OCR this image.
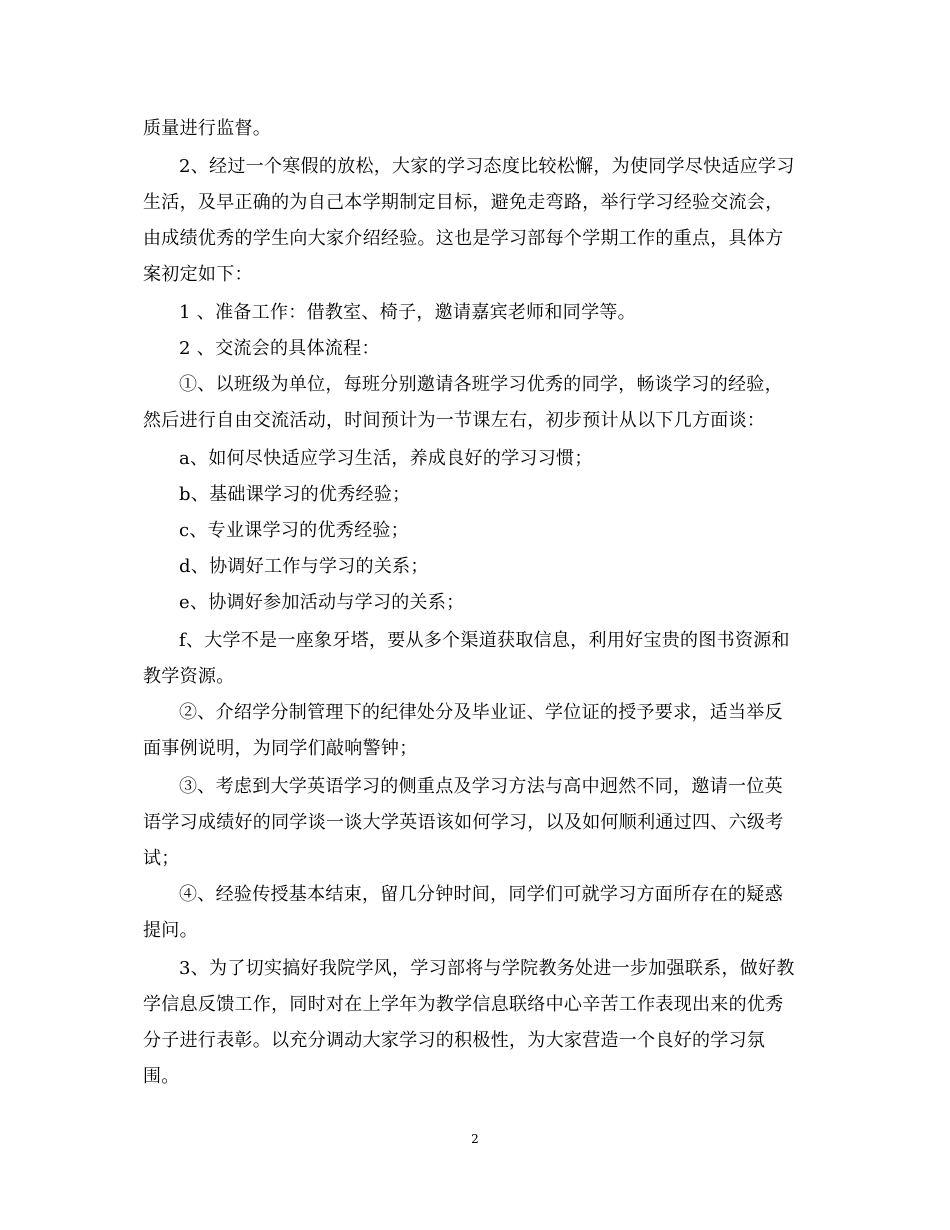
质量进行监督。
2、经过一个寒假的放松，大家的学习态度比较松懈，为使同学尽快适应学习
生活，及早正确的为自己本学期制定目标，避免走弯路，举行学习经验交流会，
由成绩优秀的学生向大家介绍经验。这也是学习部每个学期工作的重点，具体方
案初定如下：
1 、准备工作：借教室、椅子，邀请嘉宾老师和同学等。
2 、交流会的具体流程：
①、以班级为单位，每班分别邀请各班学习优秀的同学，畅谈学习的经验，
然后进行自由交流活动，时间预计为一节课左右，初步预计从以下几方面谈：
a、如何尽快适应学习生活，养成良好的学习习惯；
b、基础课学习的优秀经验；
c、专业课学习的优秀经验；
d、协调好工作与学习的关系；
e、协调好参加活动与学习的关系；
f、大学不是一座象牙塔，要从多个渠道获取信息，利用好宝贵的图书资源和
教学资源。
②、介绍学分制管理下的纪律处分及毕业证、学位证的授予要求，适当举反
面事例说明，为同学们敲响警钟；
③、考虑到大学英语学习的侧重点及学习方法与高中迥然不同，邀请一位英
语学习成绩好的同学谈一谈大学英语该如何学习，以及如何顺利通过四、六级考
试；
④、经验传授基本结束，留几分钟时间，同学们可就学习方面所存在的疑惑
提问。
3、为了切实搞好我院学风，学习部将与学院教务处进一步加强联系，做好教
学信息反馈工作，同时对在上学年为教学信息联络中心辛苦工作表现出来的优秀
分子进行表彰。以充分调动大家学习的积极性，为大家营造一个良好的学习氛
围。
2
